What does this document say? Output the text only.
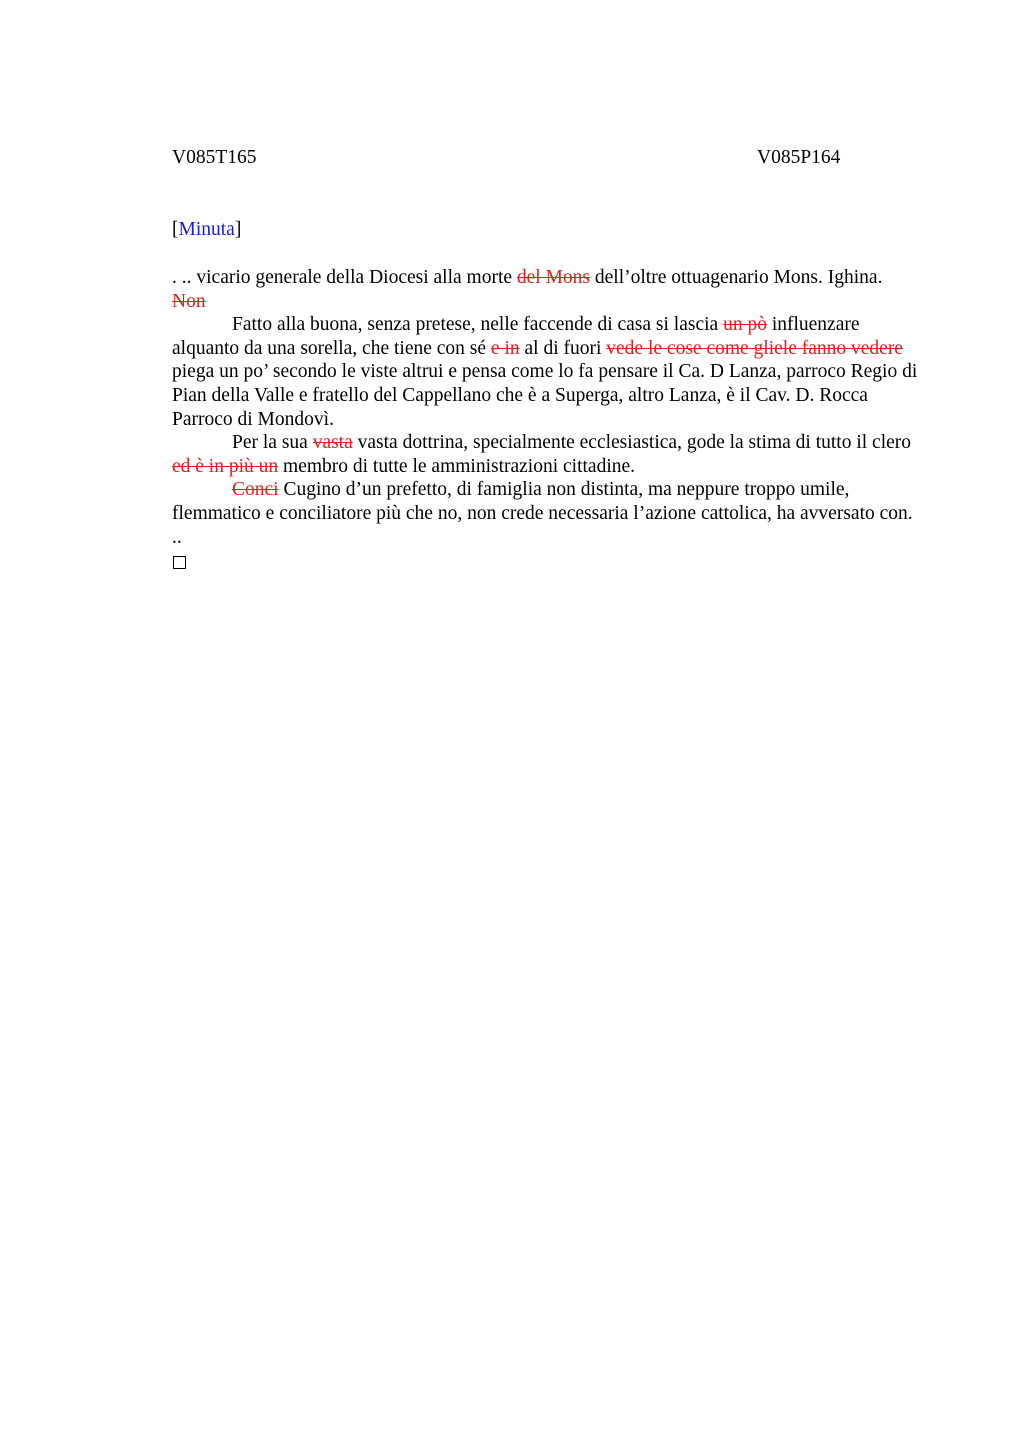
V085T165	V085P164
[Minuta]

. .. vicario generale della Diocesi alla morte del Mons dell’oltre ottuagenario Mons. Ighina.

Non

Fatto alla buona, senza pretese, nelle faccende di casa si lascia un pò influenzare alquanto da una sorella, che tiene con sé e in al di fuori vede le cose come gliele fanno vedere piega un po’ secondo le viste altrui e pensa come lo fa pensare il Ca. D Lanza, parroco Regio di Pian della Valle e fratello del Cappellano che è a Superga, altro Lanza, è il Cav. D. Rocca Parroco di Mondovì.

Per la sua vasta vasta dottrina, specialmente ecclesiastica, gode la stima di tutto il clero ed è in più un membro di tutte le amministrazioni cittadine.

Conci Cugino d’un prefetto, di famiglia non distinta, ma neppure troppo umile, flemmatico e conciliatore più che no, non crede necessaria l’azione cattolica, ha avversato con. ..
